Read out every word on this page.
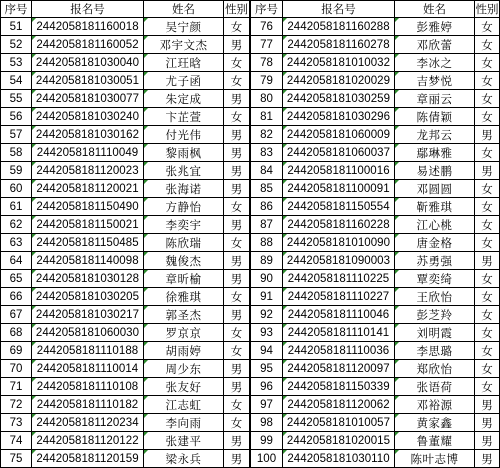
序号	报名号	姓名	性别
51	2442058181160018	吴宁颜	女
52	2442058181160052	邓宇文杰	男
53	2442058181030040	江玨晗	女
54	2442058181030051	尤子函	女
55	2442058181030077	朱定成	男
56	2442058181030240	卞芷萱	女
57	2442058181030162	付光伟	男
58	2442058181110049	黎雨枫	男
59	2442058181120023	张兆宜	男
60	2442058181120021	张海诺	男
61	2442058181150490	方静怡	女
62	2442058181150021	李奕宇	男
63	2442058181150485	陈欣瑞	女
64	2442058181140098	魏俊杰	男
65	2442058181030128	章昕榆	男
66	2442058181030205	徐雅琪	女
67	2442058181030217	郭圣杰	男
68	2442058181060030	罗京京	女
69	2442058181110188	胡雨婷	女
70	2442058181110014	周少东	男
71	2442058181110108	张友好	男
72	2442058181110182	江志虹	女
73	2442058181120234	李向雨	女
74	2442058181120122	张建平	男
75	2442058181120159	梁永兵	男
序号	报名号	姓名	性别
76	2442058181160288	彭雅婷	女
77	2442058181160278	邓欣蕾	女
78	2442058181010032	李冰之	女
79	2442058181020029	吉梦悦	女
80	2442058181030259	章丽云	女
81	2442058181030296	陈倩颖	女
82	2442058181060009	龙邦云	男
83	2442058181060037	鄢琳雅	女
84	2442058181100016	易述鹏	男
85	2442058181100091	邓圆圆	女
86	2442058181150554	靳雅琪	女
87	2442058181160228	江心桃	女
88	2442058181010090	唐金格	女
89	2442058181090003	苏勇强	男
90	2442058181110225	覃奕绮	女
91	2442058181110227	王欣怡	女
92	2442058181110046	彭芝羚	女
93	2442058181110141	刘明霞	女
94	2442058181110036	李思璐	女
95	2442058181120097	郑欣怡	女
96	2442058181150339	张语荷	女
97	2442058181120062	邓裕源	男
98	2442058181010057	黄家鑫	男
99	2442058181020015	鲁董耀	男
100	2442058181030110	陈叶志博	男
